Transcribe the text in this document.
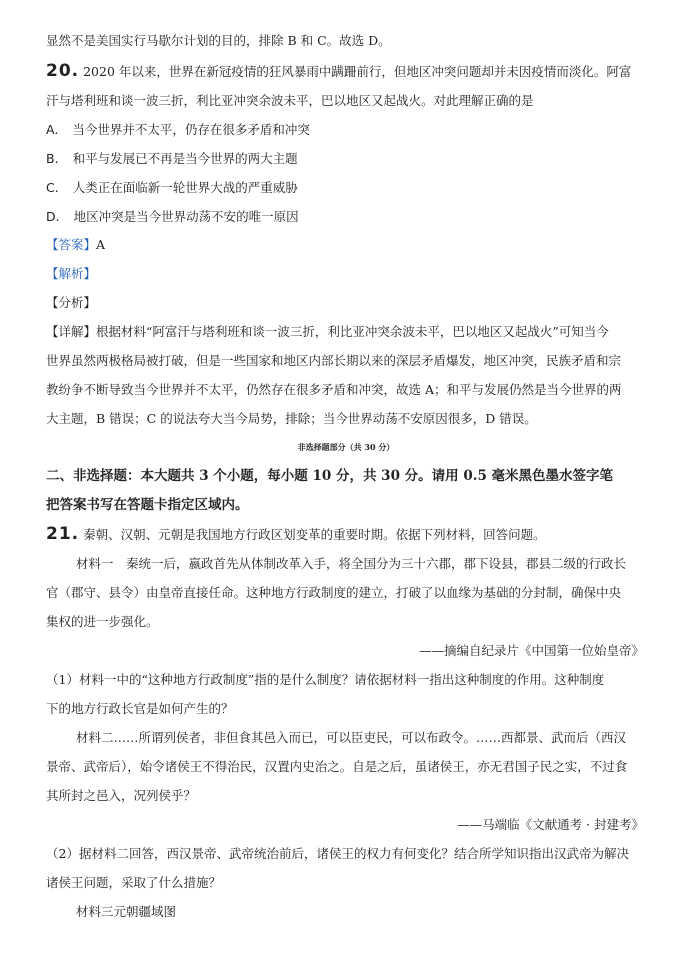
显然不是美国实行马歇尔计划的目的，排除 B 和 C。故选 D。
20. 2020 年以来，世界在新冠疫情的狂风暴雨中蹒跚前行，但地区冲突问题却并未因疫情而淡化。阿富
汗与塔利班和谈一波三折，利比亚冲突余波未平，巴以地区又起战火。对此理解正确的是
A. 当今世界并不太平，仍存在很多矛盾和冲突
B. 和平与发展已不再是当今世界的两大主题
C. 人类正在面临新一轮世界大战的严重威胁
D. 地区冲突是当今世界动荡不安的唯一原因
【答案】A
【解析】
【分析】
【详解】根据材料“阿富汗与塔利班和谈一波三折，利比亚冲突余波未平，巴以地区又起战火”可知当今
世界虽然两极格局被打破，但是一些国家和地区内部长期以来的深层矛盾爆发，地区冲突，民族矛盾和宗
教纷争不断导致当今世界并不太平，仍然存在很多矛盾和冲突，故选 A；和平与发展仍然是当今世界的两
大主题，B 错误；C 的说法夸大当今局势，排除；当今世界动荡不安原因很多，D 错误。
非选择题部分（共 30 分）
二、非选择题：本大题共 3 个小题，每小题 10 分，共 30 分。请用 0.5 毫米黑色墨水签字笔
把答案书写在答题卡指定区域内。
21. 秦朝、汉朝、元朝是我国地方行政区划变革的重要时期。依据下列材料，回答问题。
材料一　秦统一后，嬴政首先从体制改革入手，将全国分为三十六郡，郡下设县，郡县二级的行政长
官（郡守、县令）由皇帝直接任命。这种地方行政制度的建立，打破了以血缘为基础的分封制，确保中央
集权的进一步强化。
——摘编自纪录片《中国第一位始皇帝》
（1）材料一中的“这种地方行政制度”指的是什么制度？请依据材料一指出这种制度的作用。这种制度
下的地方行政长官是如何产生的？
材料二……所谓列侯者，非但食其邑入而已，可以臣吏民，可以布政令。……西都景、武而后（西汉
景帝、武帝后），始令诸侯王不得治民，汉置内史治之。自是之后，虽诸侯王，亦无君国子民之实，不过食
其所封之邑入，况列侯乎？
——马端临《文献通考 · 封建考》
（2）据材料二回答，西汉景帝、武帝统治前后，诸侯王的权力有何变化？结合所学知识指出汉武帝为解决
诸侯王问题，采取了什么措施？
材料三元朝疆域图
